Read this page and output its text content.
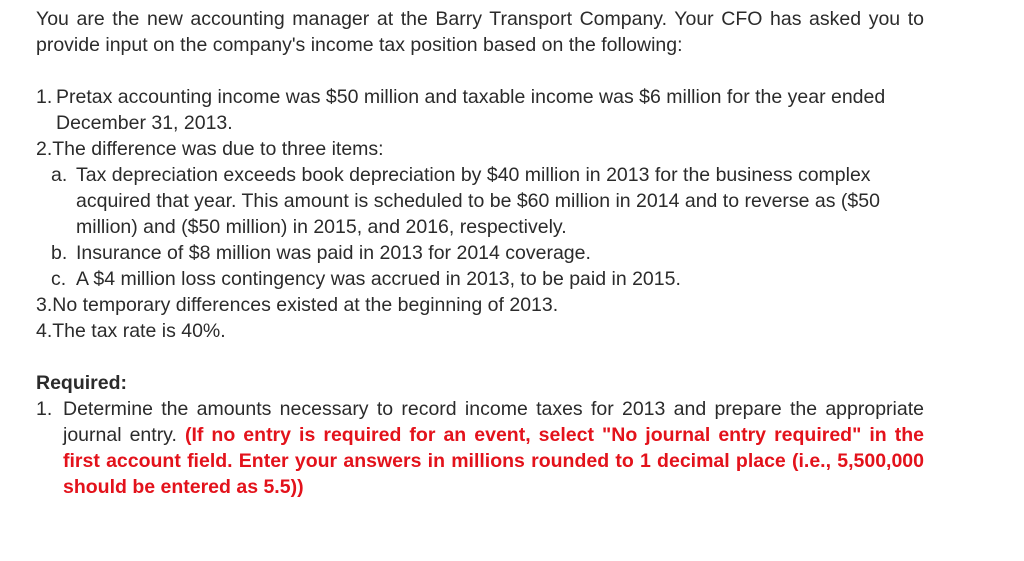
You are the new accounting manager at the Barry Transport Company. Your CFO has asked you to provide input on the company's income tax position based on the following:

1. Pretax accounting income was $50 million and taxable income was $6 million for the year ended December 31, 2013.
2. The difference was due to three items:
a. Tax depreciation exceeds book depreciation by $40 million in 2013 for the business complex acquired that year. This amount is scheduled to be $60 million in 2014 and to reverse as ($50 million) and ($50 million) in 2015, and 2016, respectively.
b. Insurance of $8 million was paid in 2013 for 2014 coverage.
c. A $4 million loss contingency was accrued in 2013, to be paid in 2015.
3. No temporary differences existed at the beginning of 2013.
4. The tax rate is 40%.
Required:
1. Determine the amounts necessary to record income taxes for 2013 and prepare the appropriate journal entry. (If no entry is required for an event, select "No journal entry required" in the first account field. Enter your answers in millions rounded to 1 decimal place (i.e., 5,500,000 should be entered as 5.5))
